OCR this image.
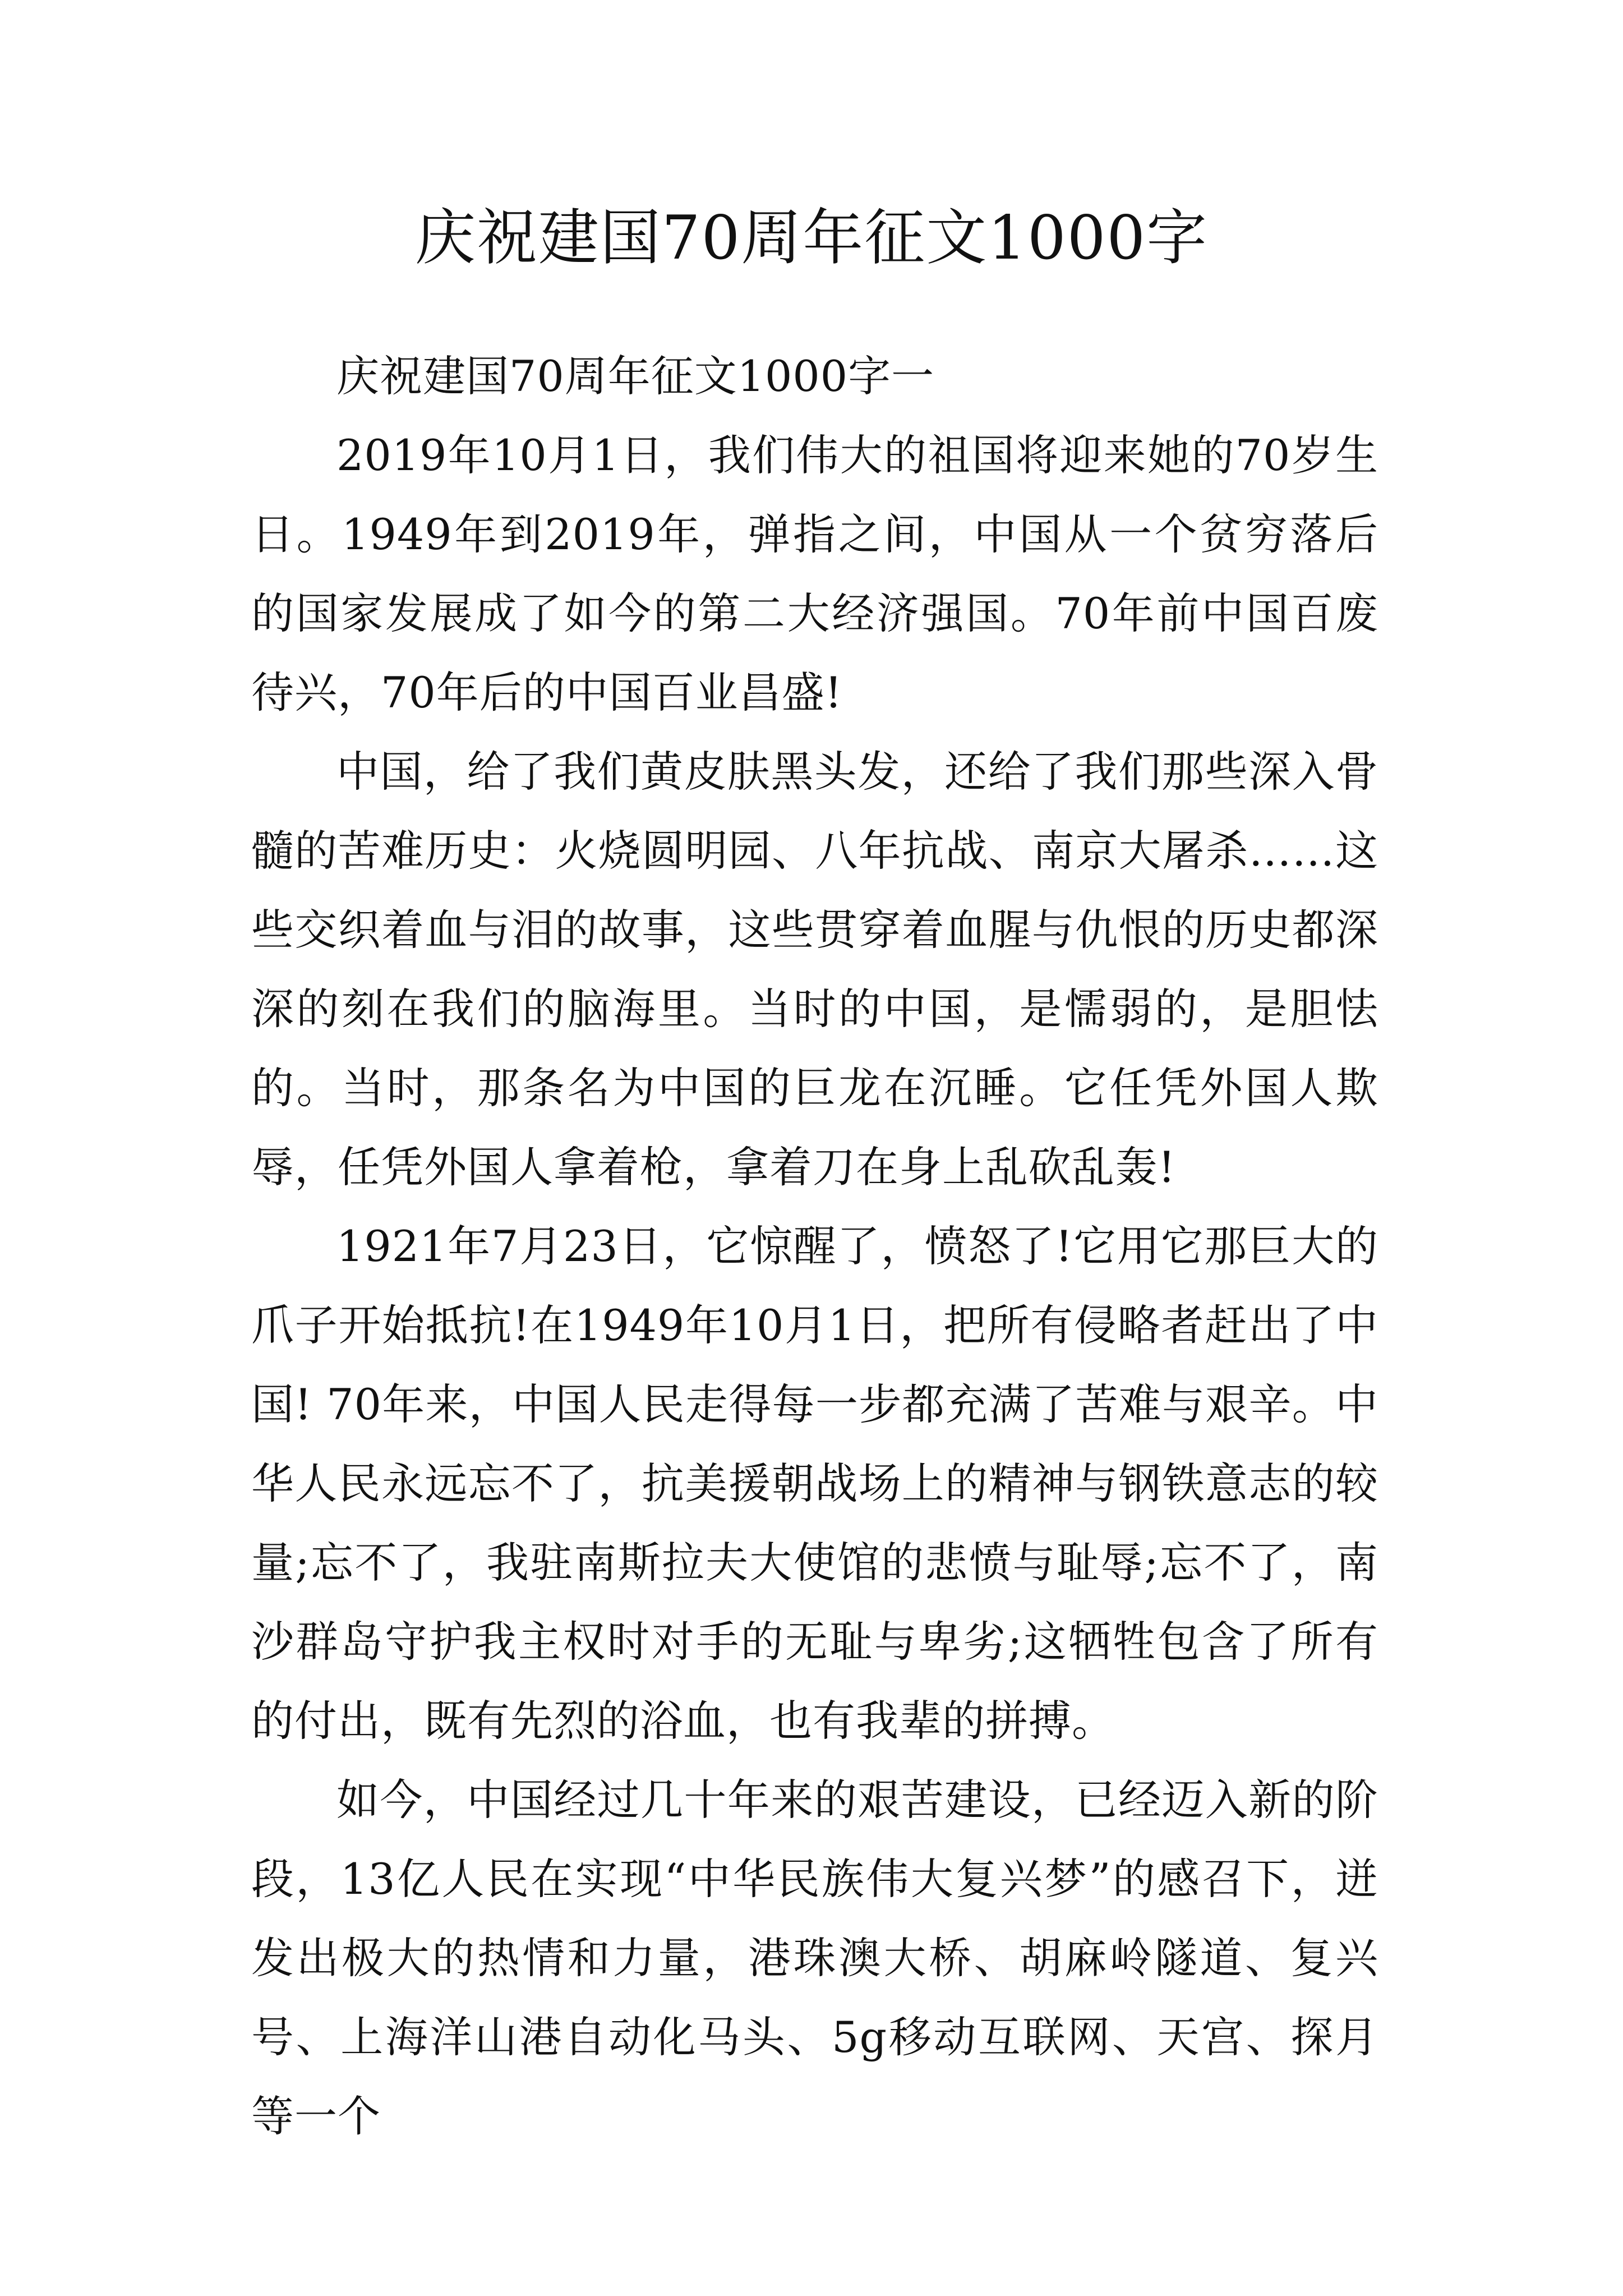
庆祝建国70周年征文1000字

庆祝建国70周年征文1000字一

2019年10月1日，我们伟大的祖国将迎来她的70岁生日。1949年到2019年，弹指之间，中国从一个贫穷落后的国家发展成了如今的第二大经济强国。70年前中国百废待兴，70年后的中国百业昌盛!

中国，给了我们黄皮肤黑头发，还给了我们那些深入骨髓的苦难历史：火烧圆明园、八年抗战、南京大屠杀……这些交织着血与泪的故事，这些贯穿着血腥与仇恨的历史都深深的刻在我们的脑海里。当时的中国，是懦弱的，是胆怯的。当时，那条名为中国的巨龙在沉睡。它任凭外国人欺辱，任凭外国人拿着枪，拿着刀在身上乱砍乱轰!

1921年7月23日，它惊醒了，愤怒了!它用它那巨大的爪子开始抵抗!在1949年10月1日，把所有侵略者赶出了中国! 70年来，中国人民走得每一步都充满了苦难与艰辛。中华人民永远忘不了，抗美援朝战场上的精神与钢铁意志的较量;忘不了，我驻南斯拉夫大使馆的悲愤与耻辱;忘不了，南沙群岛守护我主权时对手的无耻与卑劣;这牺牲包含了所有的付出，既有先烈的浴血，也有我辈的拼搏。

如今，中国经过几十年来的艰苦建设，已经迈入新的阶段，13亿人民在实现“中华民族伟大复兴梦”的感召下，迸发出极大的热情和力量，港珠澳大桥、胡麻岭隧道、复兴号、上海洋山港自动化马头、5g移动互联网、天宫、探月等一个
